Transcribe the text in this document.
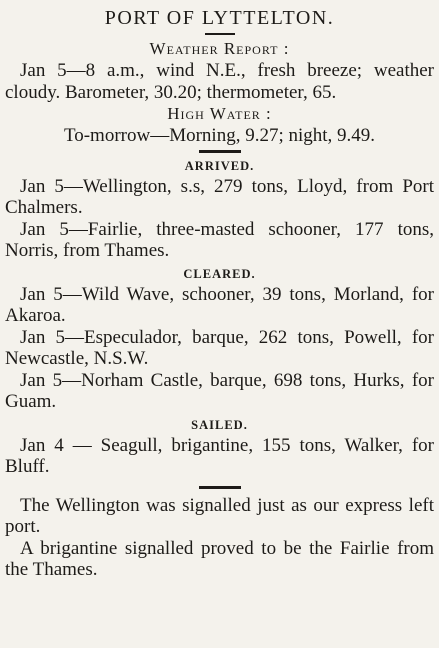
PORT OF LYTTELTON.
Weather Report :

Jan 5—8 a.m., wind N.E., fresh breeze; weather cloudy. Barometer, 30.20; thermometer, 65.

High Water :

To-morrow—Morning, 9.27; night, 9.49.

ARRIVED.

Jan 5—Wellington, s.s, 279 tons, Lloyd, from Port Chalmers.

Jan 5—Fairlie, three-masted schooner, 177 tons, Norris, from Thames.

CLEARED.

Jan 5—Wild Wave, schooner, 39 tons, Morland, for Akaroa.

Jan 5—Especulador, barque, 262 tons, Powell, for Newcastle, N.S.W.

Jan 5—Norham Castle, barque, 698 tons, Hurks, for Guam.

SAILED.

Jan 4 — Seagull, brigantine, 155 tons, Walker, for Bluff.

The Wellington was signalled just as our express left port.

A brigantine signalled proved to be the Fairlie from the Thames.
